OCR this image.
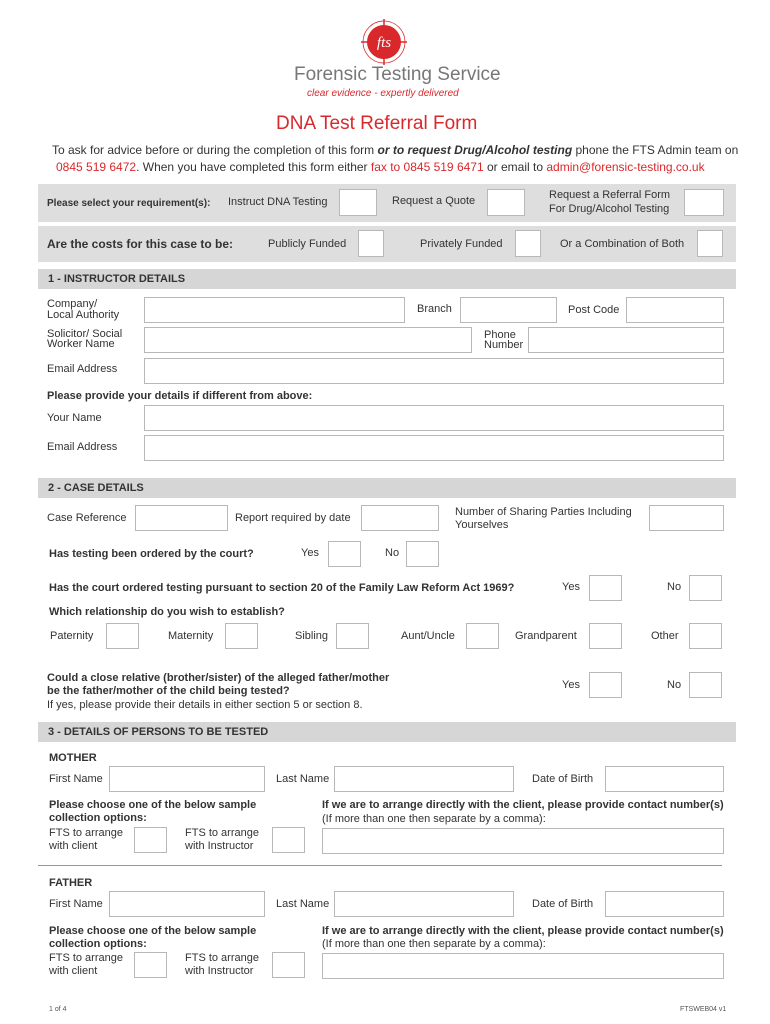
fts
Forensic Testing Service
clear evidence - expertly delivered
DNA Test Referral Form
To ask for advice before or during the completion of this form or to request Drug/Alcohol testing phone the FTS Admin team on
0845 519 6472. When you have completed this form either fax to 0845 519 6471 or email to admin@forensic-testing.co.uk
Please select your requirement(s): Instruct DNA Testing	Request a Quote	Request a Referral Form
For Drug/Alcohol Testing
Are the costs for this case to be:	Publicly Funded	Privately Funded	Or a Combination of Both
1 - INSTRUCTOR DETAILS
Company/
Local Authority	Branch	Post Code
Solicitor/ Social
Worker Name
Phone
Number
Email Address
Please provide your details if different from above:
Your Name
Email Address
2 - CASE DETAILS
Case Reference	Report required by date	Number of Sharing Parties Including
Yourselves
Has testing been ordered by the court?	Yes	No
Has the court ordered testing pursuant to section 20 of the Family Law Reform Act 1969?	Yes	No
Which relationship do you wish to establish?
Paternity	Maternity	Sibling	Aunt/Uncle	Grandparent	Other
Could a close relative (brother/sister) of the alleged father/mother
be the father/mother of the child being tested?
If yes, please provide their details in either section 5 or section 8.
Yes	No
3 - DETAILS OF PERSONS TO BE TESTED
MOTHER
First Name	Last Name	Date of Birth
Please choose one of the below sample
collection options:
FTS to arrange
with client
FTS to arrange
with Instructor
If we are to arrange directly with the client, please provide contact number(s)
(If more than one then separate by a comma):
FATHER
First Name	Last Name	Date of Birth
Please choose one of the below sample
collection options:
FTS to arrange
with client
FTS to arrange
with Instructor
If we are to arrange directly with the client, please provide contact number(s)
(If more than one then separate by a comma):
1 of 4	FTSWEB04 v1
